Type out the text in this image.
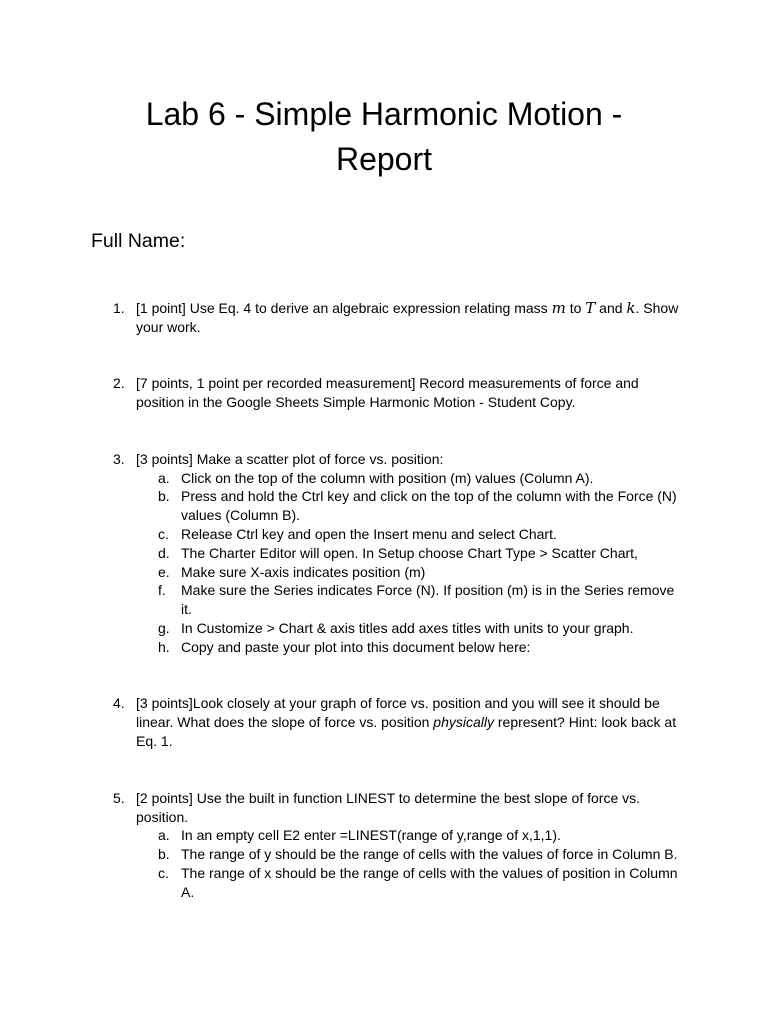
Lab 6 - Simple Harmonic Motion -
Report

Full Name:

1. [1 point] Use Eq. 4 to derive an algebraic expression relating mass m to T and k. Show your work.

2. [7 points, 1 point per recorded measurement] Record measurements of force and position in the Google Sheets Simple Harmonic Motion - Student Copy.

3. [3 points] Make a scatter plot of force vs. position:

a. Click on the top of the column with position (m) values (Column A).

b. Press and hold the Ctrl key and click on the top of the column with the Force (N) values (Column B).

c. Release Ctrl key and open the Insert menu and select Chart.

d. The Charter Editor will open. In Setup choose Chart Type > Scatter Chart,

e. Make sure X-axis indicates position (m)

f. Make sure the Series indicates Force (N). If position (m) is in the Series remove it.

g. In Customize > Chart & axis titles add axes titles with units to your graph.

h. Copy and paste your plot into this document below here:

4. [3 points]Look closely at your graph of force vs. position and you will see it should be linear. What does the slope of force vs. position physically represent? Hint: look back at Eq. 1.

5. [2 points] Use the built in function LINEST to determine the best slope of force vs. position.

a. In an empty cell E2 enter =LINEST(range of y,range of x,1,1).

b. The range of y should be the range of cells with the values of force in Column B.

c. The range of x should be the range of cells with the values of position in Column A.
